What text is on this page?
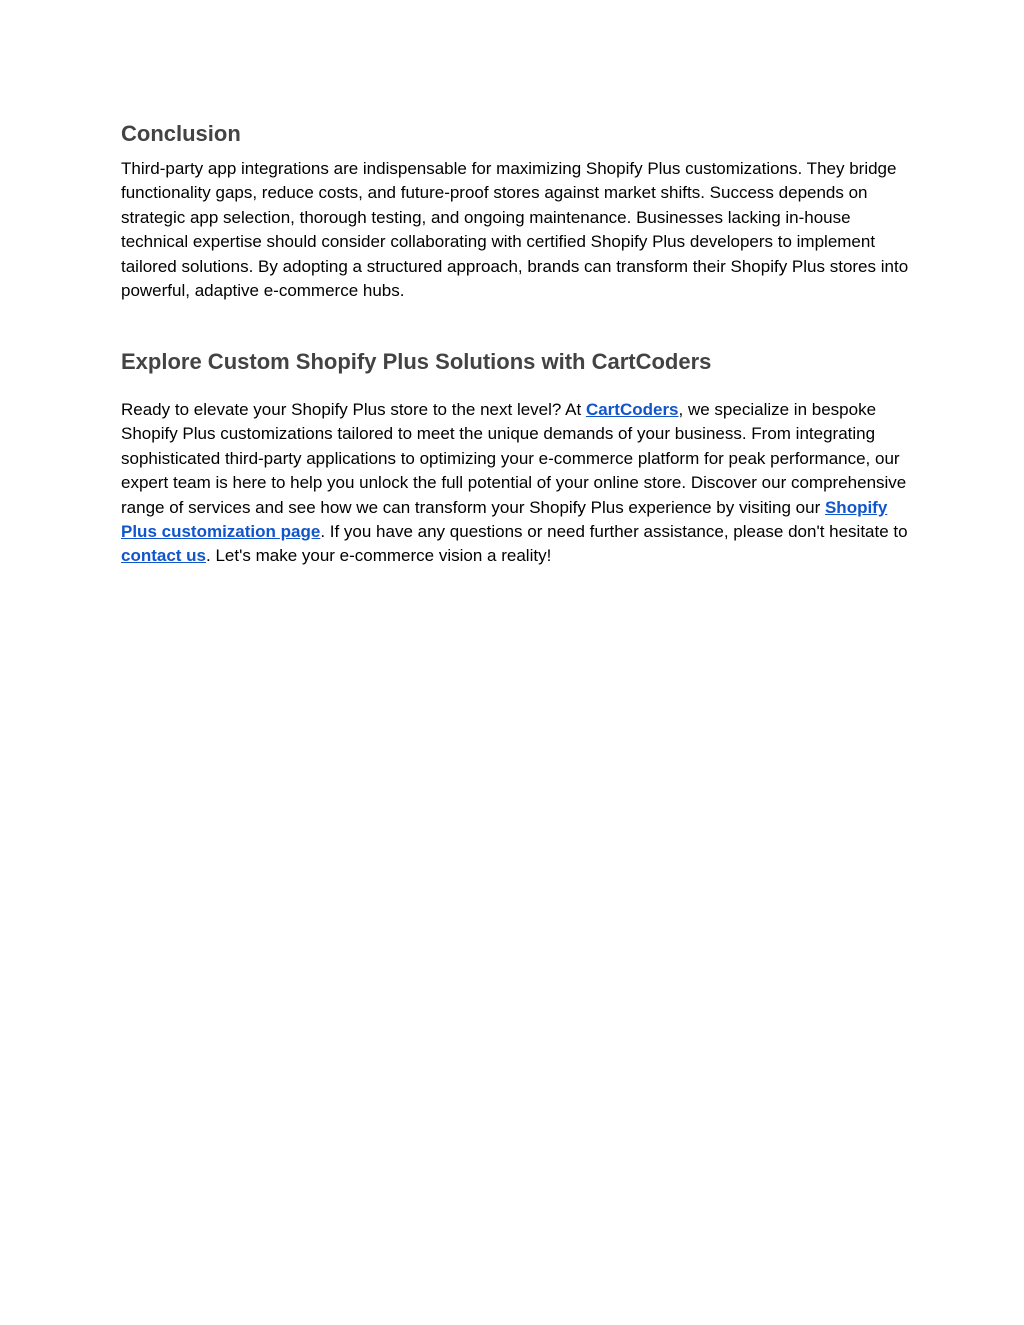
Conclusion

Third-party app integrations are indispensable for maximizing Shopify Plus customizations. They bridge functionality gaps, reduce costs, and future-proof stores against market shifts. Success depends on strategic app selection, thorough testing, and ongoing maintenance. Businesses lacking in-house technical expertise should consider collaborating with certified Shopify Plus developers to implement tailored solutions. By adopting a structured approach, brands can transform their Shopify Plus stores into powerful, adaptive e-commerce hubs.

Explore Custom Shopify Plus Solutions with CartCoders

Ready to elevate your Shopify Plus store to the next level? At CartCoders, we specialize in bespoke Shopify Plus customizations tailored to meet the unique demands of your business. From integrating sophisticated third-party applications to optimizing your e-commerce platform for peak performance, our expert team is here to help you unlock the full potential of your online store. Discover our comprehensive range of services and see how we can transform your Shopify Plus experience by visiting our Shopify Plus customization page. If you have any questions or need further assistance, please don't hesitate to contact us. Let's make your e-commerce vision a reality!
